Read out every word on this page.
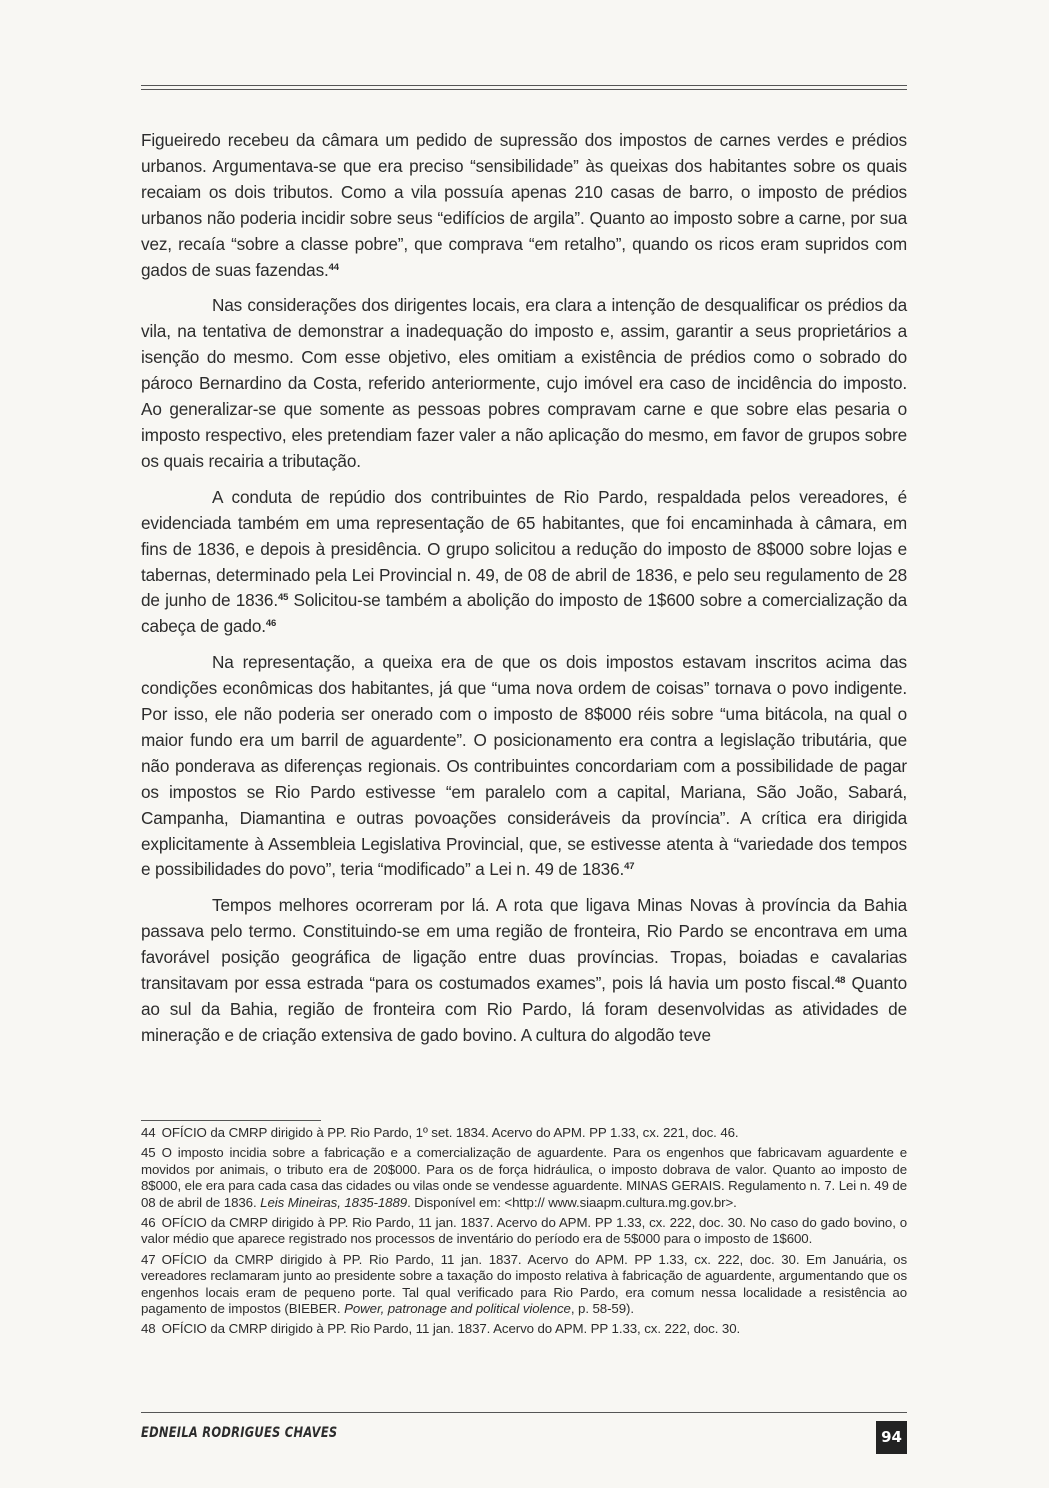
Figueiredo recebeu da câmara um pedido de supressão dos impostos de carnes verdes e prédios urbanos. Argumentava-se que era preciso “sensibilidade” às queixas dos habitantes sobre os quais recaiam os dois tributos. Como a vila possuía apenas 210 casas de barro, o imposto de prédios urbanos não poderia incidir sobre seus “edifícios de argila”. Quanto ao imposto sobre a carne, por sua vez, recaía “sobre a classe pobre”, que comprava “em retalho”, quando os ricos eram supridos com gados de suas fazendas.$^{44}$

Nas considerações dos dirigentes locais, era clara a intenção de desqualificar os prédios da vila, na tentativa de demonstrar a inadequação do imposto e, assim, garantir a seus proprietários a isenção do mesmo. Com esse objetivo, eles omitiam a existência de prédios como o sobrado do pároco Bernardino da Costa, referido anteriormente, cujo imóvel era caso de incidência do imposto. Ao generalizar-se que somente as pessoas pobres compravam carne e que sobre elas pesaria o imposto respectivo, eles pretendiam fazer valer a não aplicação do mesmo, em favor de grupos sobre os quais recairia a tributação.

A conduta de repúdio dos contribuintes de Rio Pardo, respaldada pelos vereadores, é evidenciada também em uma representação de 65 habitantes, que foi encaminhada à câmara, em fins de 1836, e depois à presidência. O grupo solicitou a redução do imposto de 8$000 sobre lojas e tabernas, determinado pela Lei Provincial n. 49, de 08 de abril de 1836, e pelo seu regulamento de 28 de junho de 1836.45 Solicitou-se também a abolição do imposto de 1$600 sobre a comercialização da cabeça de gado.$^{46}$

Na representação, a queixa era de que os dois impostos estavam inscritos acima das condições econômicas dos habitantes, já que “uma nova ordem de coisas” tornava o povo indigente. Por isso, ele não poderia ser onerado com o imposto de 8$000 réis sobre “uma bitácola, na qual o maior fundo era um barril de aguardente”. O posicionamento era contra a legislação tributária, que não ponderava as diferenças regionais. Os contribuintes concordariam com a possibilidade de pagar os impostos se Rio Pardo estivesse “em paralelo com a capital, Mariana, São João, Sabará, Campanha, Diamantina e outras povoações consideráveis da província”. A crítica era dirigida explicitamente à Assembleia Legislativa Provincial, que, se estivesse atenta à “variedade dos tempos e possibilidades do povo”, teria “modificado” a Lei n. 49 de 1836.47

Tempos melhores ocorreram por lá. A rota que ligava Minas Novas à província da Bahia passava pelo termo. Constituindo-se em uma região de fronteira, Rio Pardo se encontrava em uma favorável posição geográfica de ligação entre duas províncias. Tropas, boiadas e cavalarias transitavam por essa estrada “para os costumados exames”, pois lá havia um posto fiscal.$^{48}$ Quanto ao sul da Bahia, região de fronteira com Rio Pardo, lá foram desenvolvidas as atividades de mineração e de criação extensiva de gado bovino. A cultura do algodão teve

44 OFÍCIO da CMRP dirigido à PP. Rio Pardo, 1º set. 1834. Acervo do APM. PP 1.33, cx. 221, doc. 46.
45 O imposto incidia sobre a fabricação e a comercialização de aguardente. Para os engenhos que fabricavam aguardente e movidos por animais, o tributo era de 20$000. Para os de força hidráulica, o imposto dobrava de valor. Quanto ao imposto de 8$000, ele era para cada casa das cidades ou vilas onde se vendesse aguardente. MINAS GERAIS. Regulamento n. 7. Lei n. 49 de 08 de abril de 1836. Leis Mineiras, 1835-1889. Disponível em: <http:// www.siaapm.cultura.mg.gov.br>.
46 OFÍCIO da CMRP dirigido à PP. Rio Pardo, 11 jan. 1837. Acervo do APM. PP 1.33, cx. 222, doc. 30. No caso do gado bovino, o valor médio que aparece registrado nos processos de inventário do período era de 5$000 para o imposto de 1$600.
47 OFÍCIO da CMRP dirigido à PP. Rio Pardo, 11 jan. 1837. Acervo do APM. PP 1.33, cx. 222, doc. 30. Em Januária, os vereadores reclamaram junto ao presidente sobre a taxação do imposto relativa à fabricação de aguardente, argumentando que os engenhos locais eram de pequeno porte. Tal qual verificado para Rio Pardo, era comum nessa localidade a resistência ao pagamento de impostos (BIEBER. Power, patronage and political violence, p. 58-59).
48 OFÍCIO da CMRP dirigido à PP. Rio Pardo, 11 jan. 1837. Acervo do APM. PP 1.33, cx. 222, doc. 30.
EDNEILA RODRIGUES CHAVES	94
